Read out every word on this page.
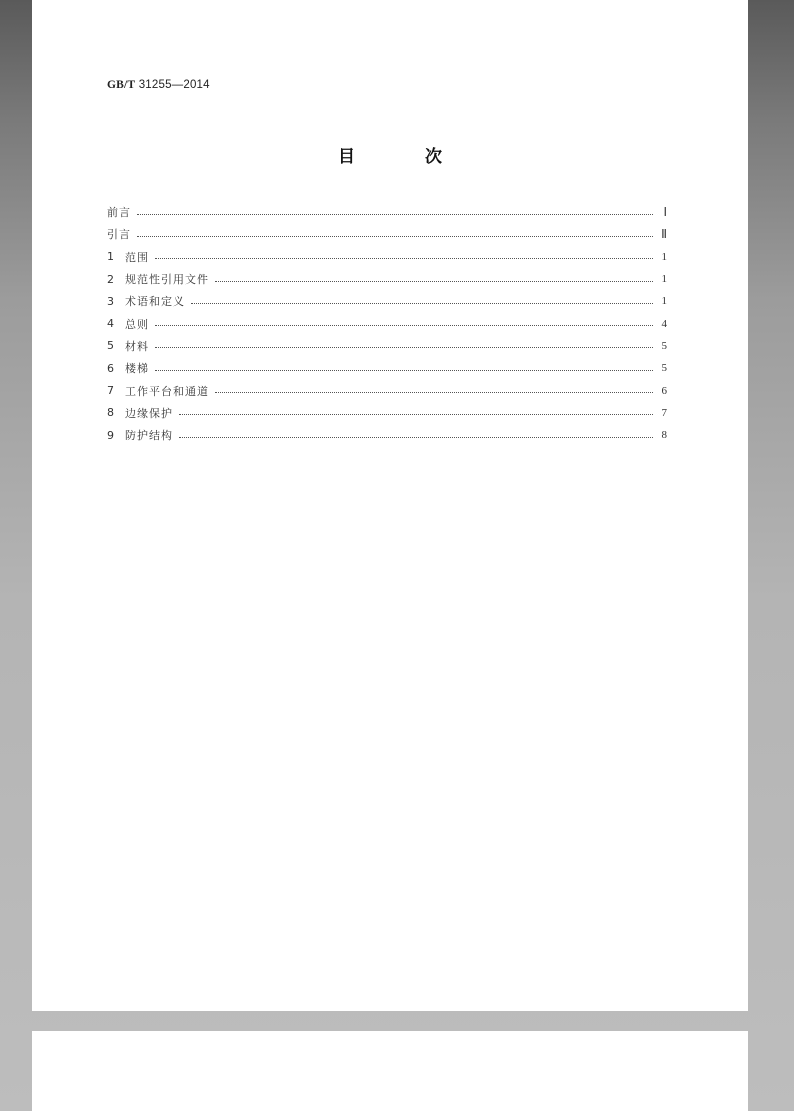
GB/T 31255—2014
目 次
前言	Ⅰ
引言	Ⅱ
1	范围	1
2	规范性引用文件	1
3	术语和定义	1
4	总则	4
5	材料	5
6	楼梯	5
7	工作平台和通道	6
8	边缘保护	7
9	防护结构	8
